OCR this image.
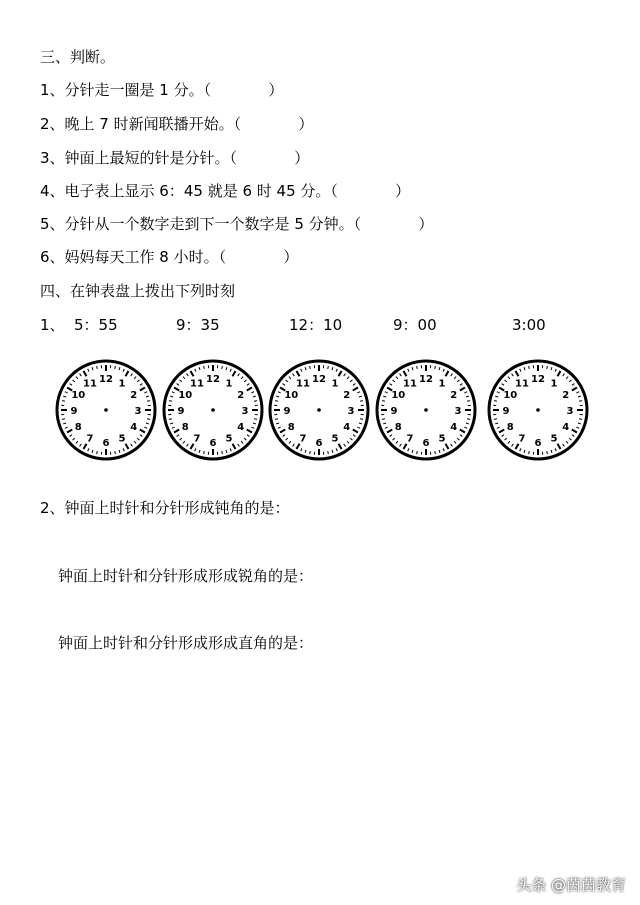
三、判断。
1、分针走一圈是 1 分。（            ）
2、晚上 7 时新闻联播开始。（            ）
3、钟面上最短的针是分针。（            ）
4、电子表上显示 6：45 就是 6 时 45 分。（            ）
5、分针从一个数字走到下一个数字是 5 分钟。（            ）
6、妈妈每天工作 8 小时。（            ）
四、在钟表盘上拨出下列时刻
1、 5：55	9：35	12：10	9：00	3:00
12 1
2
3
4
5
6
7
8
9
10
11	12 1
2
3
4
5
6
7
8
9
10
11	12 1
2
3
4
5
6
7
8
9
10
11	12 1
2
3
4
5
6
7
8
9
10
11	12 1
2
3
4
5
6
7
8
9
10
11
2、钟面上时针和分针形成钝角的是：
钟面上时针和分针形成形成锐角的是：
钟面上时针和分针形成形成直角的是：
头条 @茵茵教育
